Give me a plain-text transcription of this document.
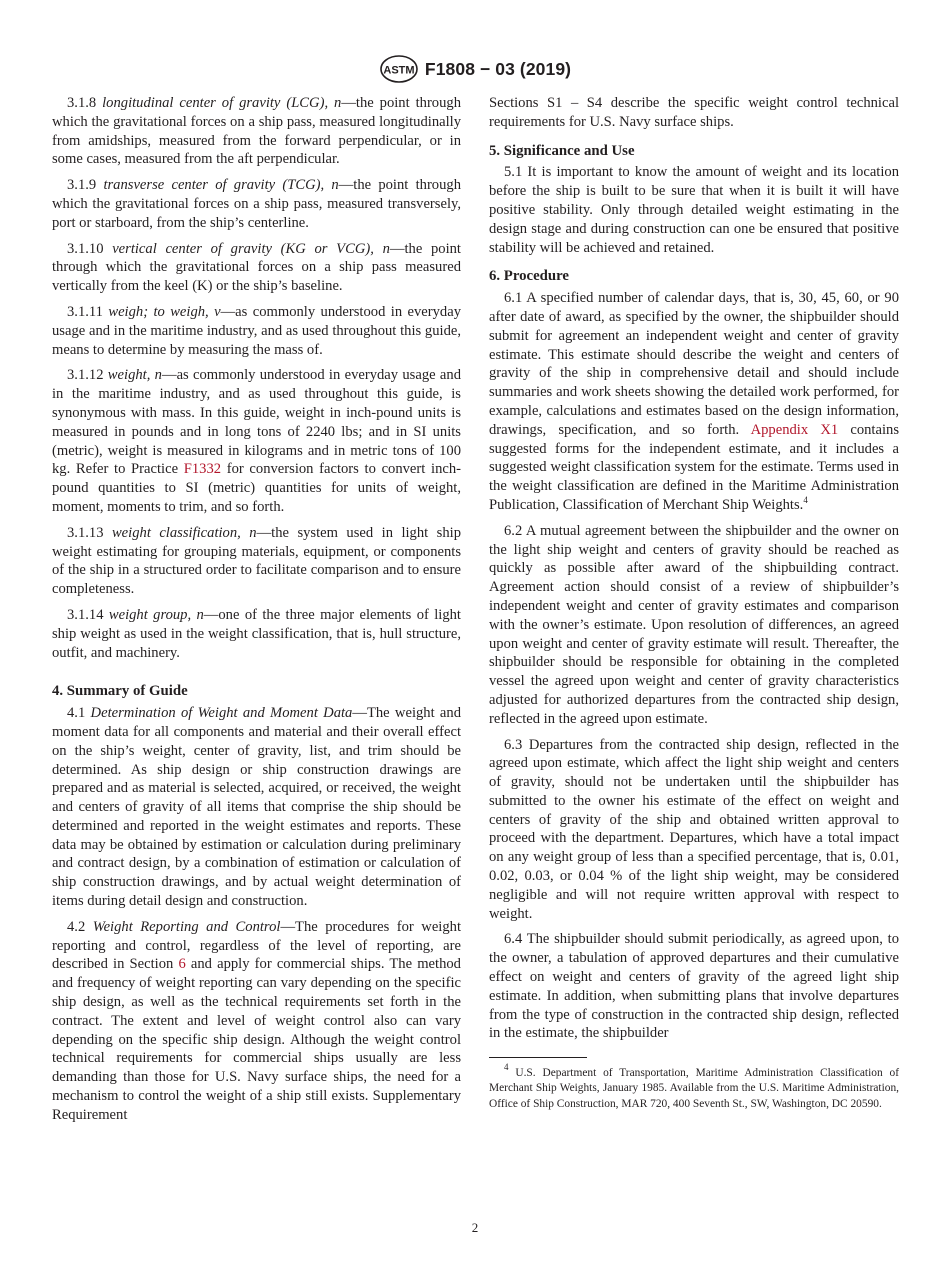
ASTM F1808 − 03 (2019)

3.1.8 longitudinal center of gravity (LCG), n—the point through which the gravitational forces on a ship pass, measured longitudinally from amidships, measured from the forward perpendicular, or in some cases, measured from the aft perpendicular.

3.1.9 transverse center of gravity (TCG), n—the point through which the gravitational forces on a ship pass, measured transversely, port or starboard, from the ship’s centerline.

3.1.10 vertical center of gravity (KG or VCG), n—the point through which the gravitational forces on a ship pass measured vertically from the keel (K) or the ship’s baseline.

3.1.11 weigh; to weigh, v—as commonly understood in everyday usage and in the maritime industry, and as used throughout this guide, means to determine by measuring the mass of.

3.1.12 weight, n—as commonly understood in everyday usage and in the maritime industry, and as used throughout this guide, is synonymous with mass. In this guide, weight in inch-pound units is measured in pounds and in long tons of 2240 lbs; and in SI units (metric), weight is measured in kilograms and in metric tons of 100 kg. Refer to Practice F1332 for conversion factors to convert inch-pound quantities to SI (metric) quantities for units of weight, moment, moments to trim, and so forth.

3.1.13 weight classification, n—the system used in light ship weight estimating for grouping materials, equipment, or components of the ship in a structured order to facilitate comparison and to ensure completeness.

3.1.14 weight group, n—one of the three major elements of light ship weight as used in the weight classification, that is, hull structure, outfit, and machinery.

4. Summary of Guide

4.1 Determination of Weight and Moment Data—The weight and moment data for all components and material and their overall effect on the ship’s weight, center of gravity, list, and trim should be determined. As ship design or ship construction drawings are prepared and as material is selected, acquired, or received, the weight and centers of gravity of all items that comprise the ship should be determined and reported in the weight estimates and reports. These data may be obtained by estimation or calculation during preliminary and contract design, by a combination of estimation or calculation of ship construction drawings, and by actual weight determination of items during detail design and construction.

4.2 Weight Reporting and Control—The procedures for weight reporting and control, regardless of the level of reporting, are described in Section 6 and apply for commercial ships. The method and frequency of weight reporting can vary depending on the specific ship design, as well as the technical requirements set forth in the contract. The extent and level of weight control also can vary depending on the specific ship design. Although the weight control technical requirements for commercial ships usually are less demanding than those for U.S. Navy surface ships, the need for a mechanism to control the weight of a ship still exists. Supplementary Requirement

Sections S1 – S4 describe the specific weight control technical requirements for U.S. Navy surface ships.

5. Significance and Use

5.1 It is important to know the amount of weight and its location before the ship is built to be sure that when it is built it will have positive stability. Only through detailed weight estimating in the design stage and during construction can one be ensured that positive stability will be achieved and retained.

6. Procedure

6.1 A specified number of calendar days, that is, 30, 45, 60, or 90 after date of award, as specified by the owner, the shipbuilder should submit for agreement an independent weight and center of gravity estimate. This estimate should describe the weight and centers of gravity of the ship in comprehensive detail and should include summaries and work sheets showing the detailed work performed, for example, calculations and estimates based on the design information, drawings, specification, and so forth. Appendix X1 contains suggested forms for the independent estimate, and it includes a suggested weight classification system for the estimate. Terms used in the weight classification are defined in the Maritime Administration Publication, Classification of Merchant Ship Weights.$^4$

6.2 A mutual agreement between the shipbuilder and the owner on the light ship weight and centers of gravity should be reached as quickly as possible after award of the shipbuilding contract. Agreement action should consist of a review of shipbuilder’s independent weight and center of gravity estimates and comparison with the owner’s estimate. Upon resolution of differences, an agreed upon weight and center of gravity estimate will result. Thereafter, the shipbuilder should be responsible for obtaining in the completed vessel the agreed upon weight and center of gravity characteristics adjusted for authorized departures from the contracted ship design, reflected in the agreed upon estimate.

6.3 Departures from the contracted ship design, reflected in the agreed upon estimate, which affect the light ship weight and centers of gravity, should not be undertaken until the shipbuilder has submitted to the owner his estimate of the effect on weight and centers of gravity of the ship and obtained written approval to proceed with the department. Departures, which have a total impact on any weight group of less than a specified percentage, that is, 0.01, 0.02, 0.03, or 0.04 % of the light ship weight, may be considered negligible and will not require written approval with respect to weight.

6.4 The shipbuilder should submit periodically, as agreed upon, to the owner, a tabulation of approved departures and their cumulative effect on weight and centers of gravity of the agreed light ship estimate. In addition, when submitting plans that involve departures from the type of construction in the contracted ship design, reflected in the estimate, the shipbuilder

$^4$ U.S. Department of Transportation, Maritime Administration Classification of Merchant Ship Weights, January 1985. Available from the U.S. Maritime Administration, Office of Ship Construction, MAR 720, 400 Seventh St., SW, Washington, DC 20590.

2
